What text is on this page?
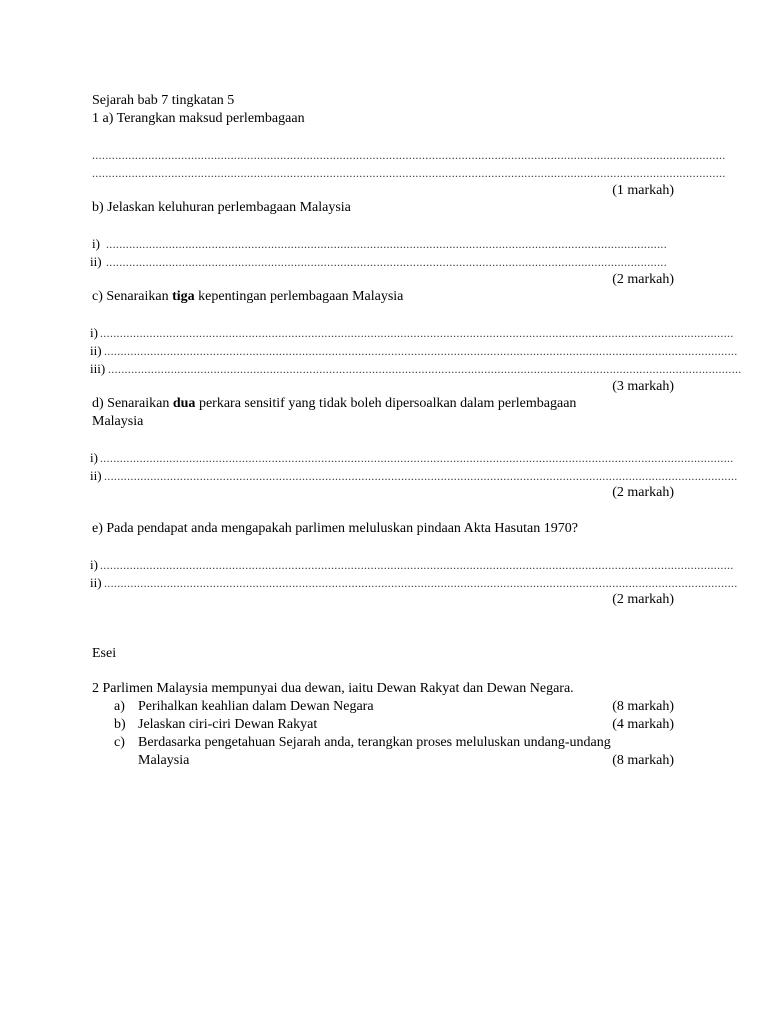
Sejarah bab 7 tingkatan 5
1 a) Terangkan maksud perlembagaan
................................................................................................................................................................................................
................................................................................................................................................................................................
(1 markah)
b) Jelaskan keluhuran perlembagaan Malaysia
i) ..........................................................................................................................................................................
ii) ..........................................................................................................................................................................
(2 markah)
c) Senaraikan tiga kepentingan perlembagaan Malaysia
i) ................................................................................................................................................................................................
ii) ................................................................................................................................................................................................
iii) ................................................................................................................................................................................................
(3 markah)
d) Senaraikan dua perkara sensitif yang tidak boleh dipersoalkan dalam perlembagaan
Malaysia
i) ................................................................................................................................................................................................
ii) ................................................................................................................................................................................................
(2 markah)
e) Pada pendapat anda mengapakah parlimen meluluskan pindaan Akta Hasutan 1970?
i) ................................................................................................................................................................................................
ii) ................................................................................................................................................................................................
(2 markah)
Esei
2 Parlimen Malaysia mempunyai dua dewan, iaitu Dewan Rakyat dan Dewan Negara.
a) Perihalkan keahlian dalam Dewan Negara	(8 markah)
b) Jelaskan ciri-ciri Dewan Rakyat	(4 markah)
c) Berdasarka pengetahuan Sejarah anda, terangkan proses meluluskan undang-undang
Malaysia	(8 markah)
